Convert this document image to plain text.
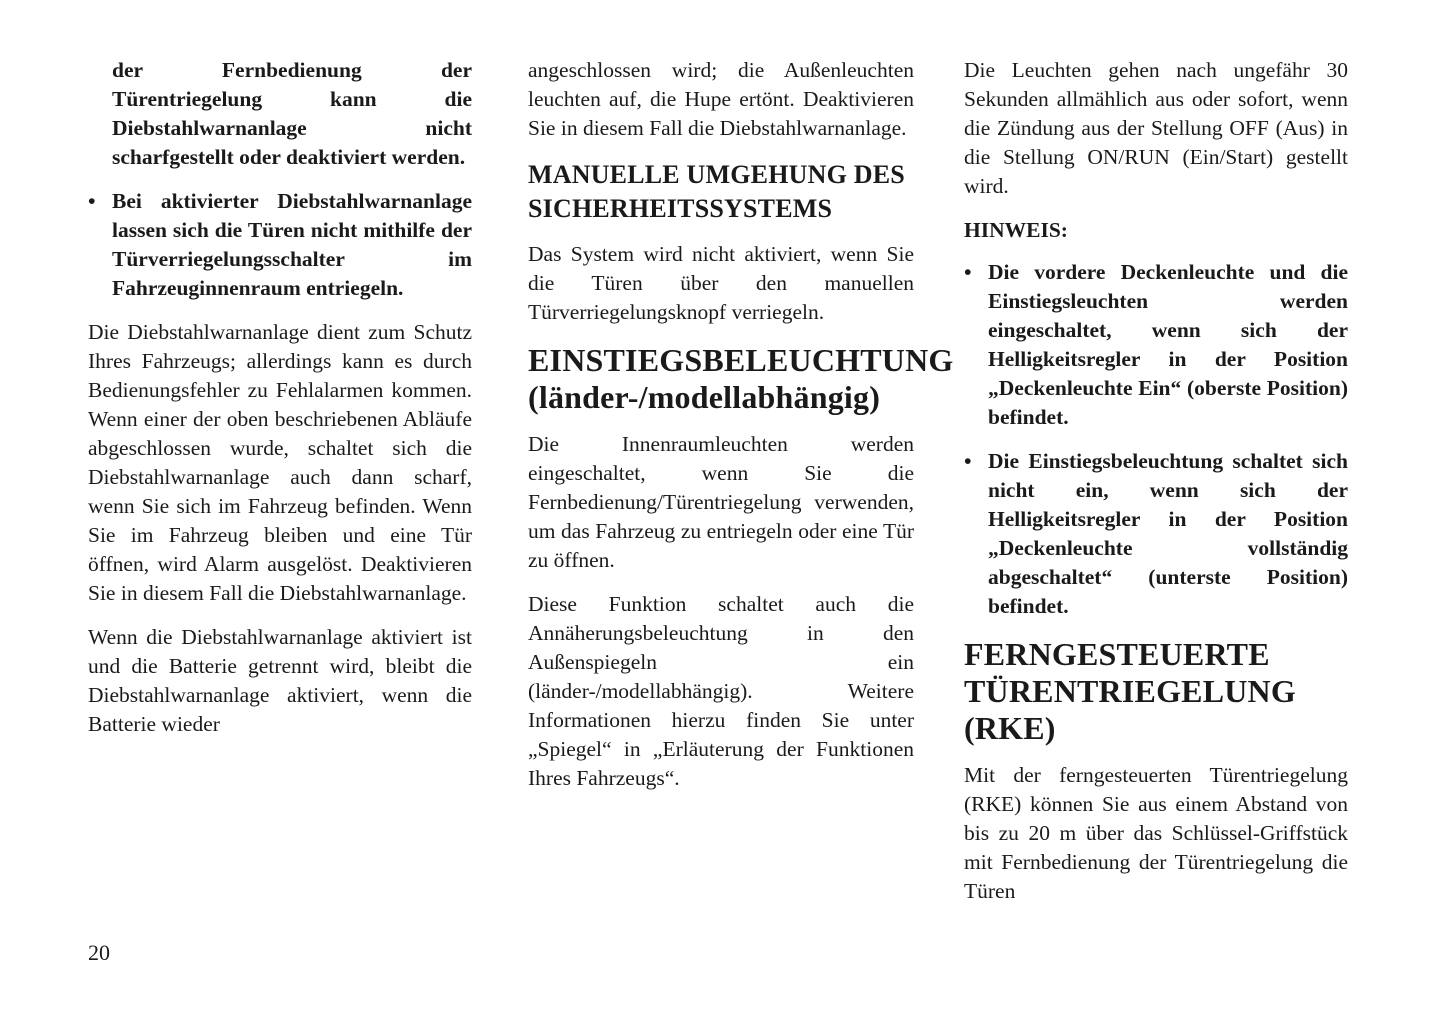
der Fernbedienung der Türentriegelung kann die Diebstahlwarnanlage nicht scharfgestellt oder deaktiviert werden.

• Bei aktivierter Diebstahlwarnanlage lassen sich die Türen nicht mithilfe der Türverriegelungsschalter im Fahrzeuginnenraum entriegeln.

Die Diebstahlwarnanlage dient zum Schutz Ihres Fahrzeugs; allerdings kann es durch Bedienungsfehler zu Fehlalarmen kommen. Wenn einer der oben beschriebenen Abläufe abgeschlossen wurde, schaltet sich die Diebstahlwarnanlage auch dann scharf, wenn Sie sich im Fahrzeug befinden. Wenn Sie im Fahrzeug bleiben und eine Tür öffnen, wird Alarm ausgelöst. Deaktivieren Sie in diesem Fall die Diebstahlwarnanlage.

Wenn die Diebstahlwarnanlage aktiviert ist und die Batterie getrennt wird, bleibt die Diebstahlwarnanlage aktiviert, wenn die Batterie wieder

angeschlossen wird; die Außenleuchten leuchten auf, die Hupe ertönt. Deaktivieren Sie in diesem Fall die Diebstahlwarnanlage.

MANUELLE UMGEHUNG DES SICHERHEITSSYSTEMS

Das System wird nicht aktiviert, wenn Sie die Türen über den manuellen Türverriegelungsknopf verriegeln.

EINSTIEGSBELEUCHTUNG (länder-/modellabhängig)

Die Innenraumleuchten werden eingeschaltet, wenn Sie die Fernbedienung/Türentriegelung verwenden, um das Fahrzeug zu entriegeln oder eine Tür zu öffnen.

Diese Funktion schaltet auch die Annäherungsbeleuchtung in den Außenspiegeln ein (länder-/modellabhängig). Weitere Informationen hierzu finden Sie unter „Spiegel“ in „Erläuterung der Funktionen Ihres Fahrzeugs“.

Die Leuchten gehen nach ungefähr 30 Sekunden allmählich aus oder sofort, wenn die Zündung aus der Stellung OFF (Aus) in die Stellung ON/RUN (Ein/Start) gestellt wird.

HINWEIS:
• Die vordere Deckenleuchte und die Einstiegsleuchten werden eingeschaltet, wenn sich der Helligkeitsregler in der Position „Deckenleuchte Ein“ (oberste Position) befindet.
• Die Einstiegsbeleuchtung schaltet sich nicht ein, wenn sich der Helligkeitsregler in der Position „Deckenleuchte vollständig abgeschaltet“ (unterste Position) befindet.
FERNGESTEUERTE TÜRENTRIEGELUNG (RKE)

Mit der ferngesteuerten Türentriegelung (RKE) können Sie aus einem Abstand von bis zu 20 m über das Schlüssel-Griffstück mit Fernbedienung der Türentriegelung die Türen

20
